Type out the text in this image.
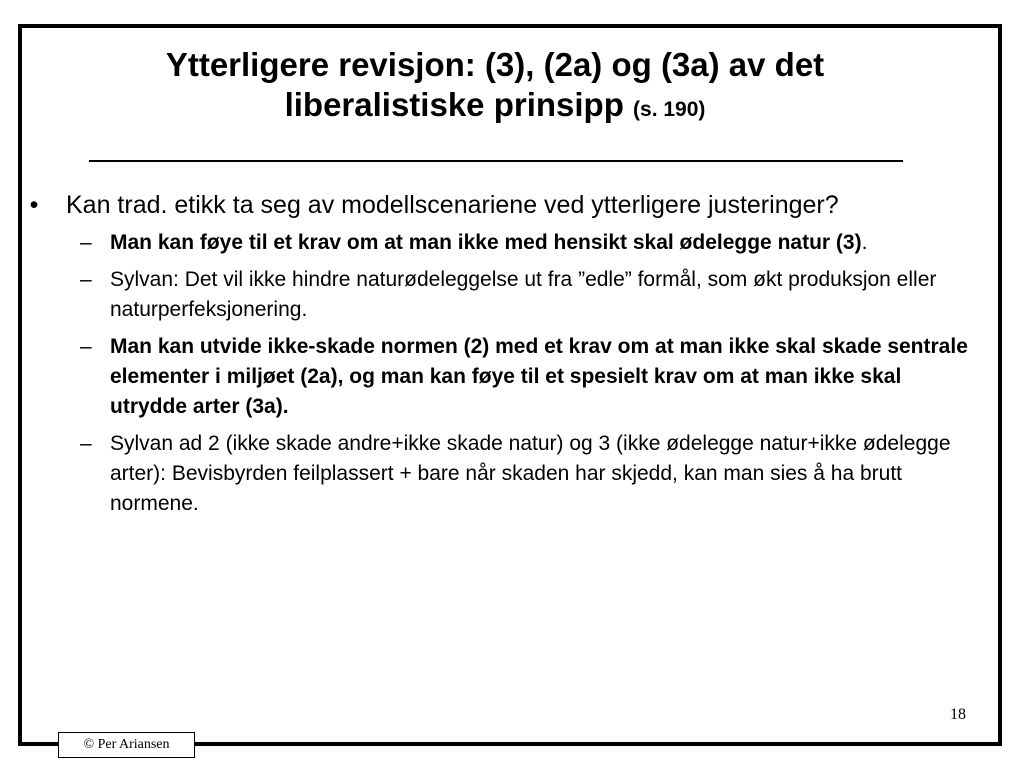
Ytterligere revisjon: (3), (2a) og (3a) av det liberalistiske prinsipp (s. 190)
• Kan trad. etikk ta seg av modellscenariene ved ytterligere justeringer?
– Man kan føye til et krav om at man ikke med hensikt skal ødelegge natur (3).
– Sylvan: Det vil ikke hindre naturødeleggelse ut fra ”edle” formål, som økt produksjon eller naturperfeksjonering.
– Man kan utvide ikke-skade normen (2) med et krav om at man ikke skal skade sentrale elementer i miljøet (2a), og man kan føye til et spesielt krav om at man ikke skal utrydde arter (3a).
– Sylvan ad 2 (ikke skade andre+ikke skade natur) og 3 (ikke ødelegge natur+ikke ødelegge arter): Bevisbyrden feilplassert + bare når skaden har skjedd, kan man sies å ha brutt normene.
18
© Per Ariansen
